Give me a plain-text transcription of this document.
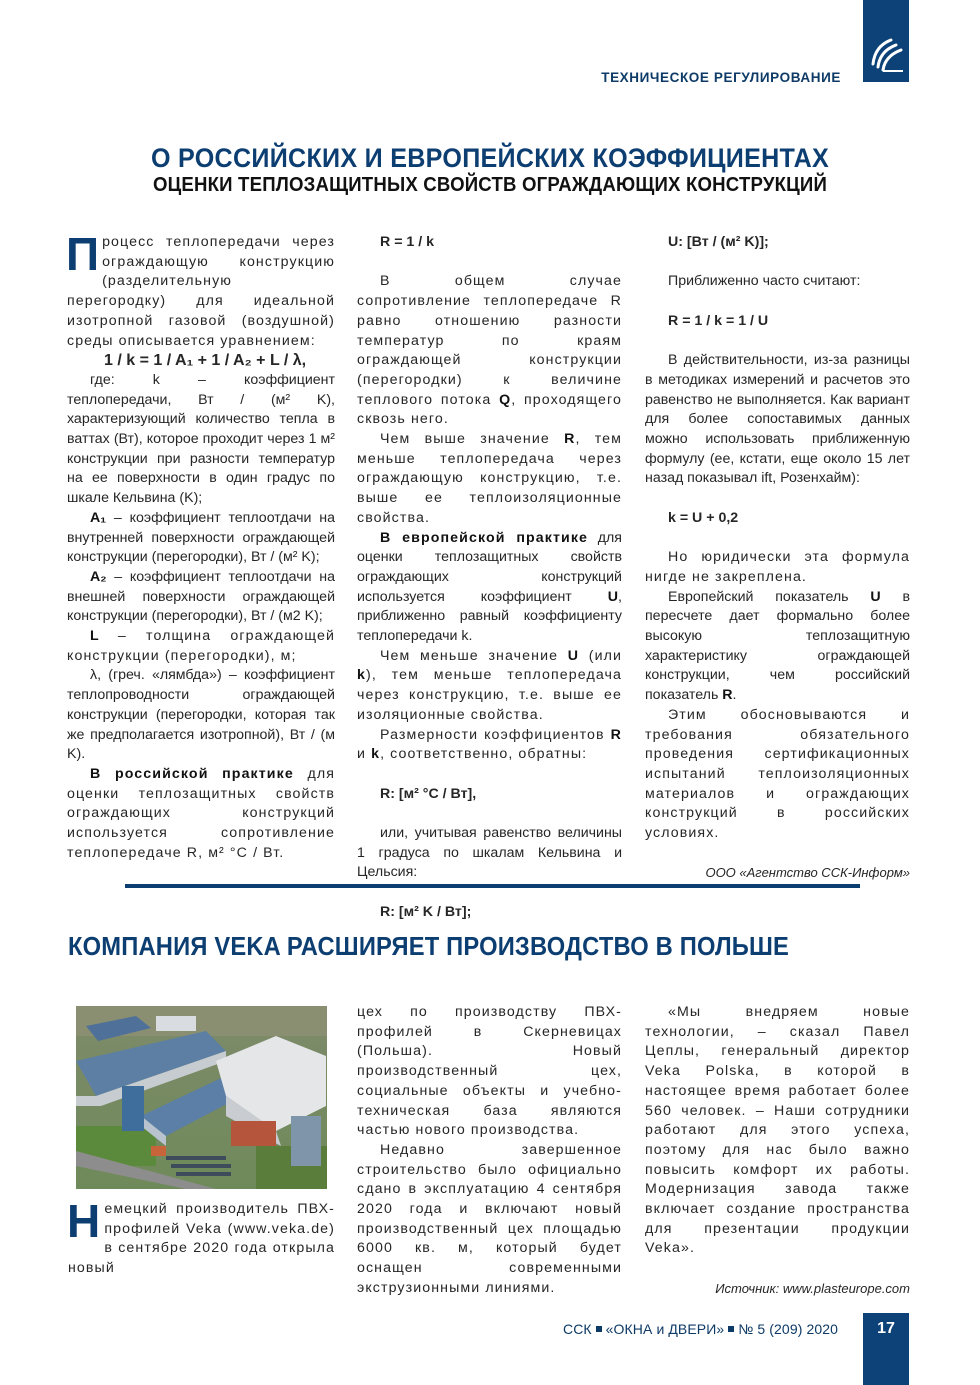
ТЕХНИЧЕСКОЕ РЕГУЛИРОВАНИЕ
О РОССИЙСКИХ И ЕВРОПЕЙСКИХ КОЭФФИЦИЕНТАХ
ОЦЕНКИ ТЕПЛОЗАЩИТНЫХ СВОЙСТВ ОГРАЖДАЮЩИХ КОНСТРУКЦИЙ

Процесс теплопередачи через ограждающую конструкцию (разделительную перегородку) для идеальной изотропной газовой (воздушной) среды описывается уравнением:

1 / k = 1 / A₁ + 1 / A₂ + L / λ,

где: k – коэффициент теплопередачи, Вт / (м² K), характеризующий количество тепла в ваттах (Вт), которое проходит через 1 м² конструкции при разности температур на ее поверхности в один градус по шкале Кельвина (K);

A₁ – коэффициент теплоотдачи на внутренней поверхности ограждающей конструкции (перегородки), Вт / (м² K);

A₂ – коэффициент теплоотдачи на внешней поверхности ограждающей конструкции (перегородки), Вт / (м2 K);

L – толщина ограждающей конструкции (перегородки), м;

λ, (греч. «лямбда») – коэффициент теплопроводности ограждающей конструкции (перегородки, которая так же предполагается изотропной), Вт / (м K).

В российской практике для оценки теплозащитных свойств ограждающих конструкций используется сопротивление теплопередаче R, м² °C / Вт.

R = 1 / k

В общем случае сопротивление теплопередаче R равно отношению разности температур по краям ограждающей конструкции (перегородки) к величине теплового потока Q, проходящего сквозь него.

Чем выше значение R, тем меньше теплопередача через ограждающую конструкцию, т.е. выше ее теплоизоляционные свойства.

В европейской практике для оценки теплозащитных свойств ограждающих конструкций используется коэффициент U, приближенно равный коэффициенту теплопередачи k.

Чем меньше значение U (или k), тем меньше теплопередача через конструкцию, т.е. выше ее изоляционные свойства.

Размерности коэффициентов R и k, соответственно, обратны:

R: [м² °C / Вт],

или, учитывая равенство величины 1 градуса по шкалам Кельвина и Цельсия:

R: [м² K / Вт];

U: [Вт / (м² K)];

Приближенно часто считают:

R = 1 / k = 1 / U

В действительности, из-за разницы в методиках измерений и расчетов это равенство не выполняется. Как вариант для более сопоставимых данных можно использовать приближенную формулу (ее, кстати, еще около 15 лет назад показывал ift, Розенхайм):

k = U + 0,2

Но юридически эта формула нигде не закреплена.

Европейский показатель U в пересчете дает формально более высокую теплозащитную характеристику ограждающей конструкции, чем российский показатель R.

Этим обосновываются и требования обязательного проведения сертификационных испытаний теплоизоляционных материалов и ограждающих конструкций в российских условиях.

ООО «Агентство ССК-Информ»

КОМПАНИЯ VEKA РАСШИРЯЕТ ПРОИЗВОДСТВО В ПОЛЬШЕ

Немецкий производитель ПВХ-профилей Veka (www.veka.de) в сентябре 2020 года открыла новый

цех по производству ПВХ-профилей в Скерневицах (Польша). Новый производственный цех, социальные объекты и учебно-техническая база являются частью нового производства.

Недавно завершенное строительство было официально сдано в эксплуатацию 4 сентября 2020 года и включают новый производственный цех площадью 6000 кв. м, который будет оснащен современными экструзионными линиями.

«Мы внедряем новые технологии, – сказал Павел Цеплы, генеральный директор Veka Polska, в которой в настоящее время работает более 560 человек. – Наши сотрудники работают для этого успеха, поэтому для нас было важно повысить комфорт их работы. Модернизация завода также включает создание пространства для презентации продукции Veka».

Источник: www.plasteurope.com

ССК «ОКНА и ДВЕРИ» № 5 (209) 2020	17
